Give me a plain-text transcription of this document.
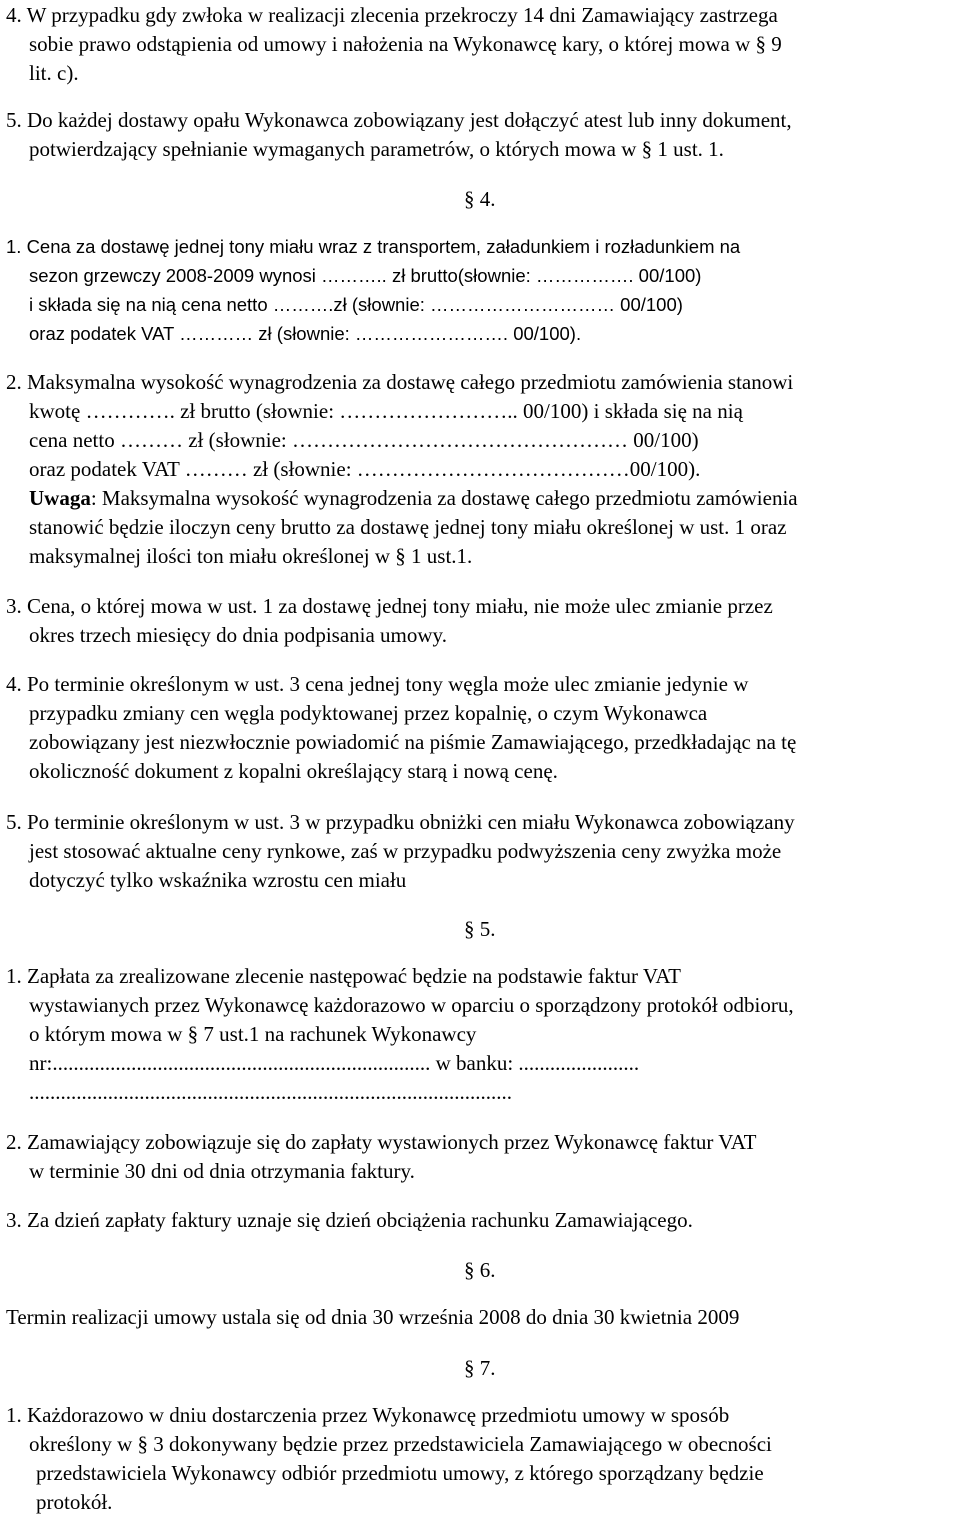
4. W przypadku gdy zwłoka w realizacji zlecenia przekroczy 14 dni Zamawiający zastrzega
sobie prawo odstąpienia od umowy i nałożenia na Wykonawcę kary, o której mowa w § 9
lit. c).
5. Do każdej dostawy opału Wykonawca zobowiązany jest dołączyć atest lub inny dokument,
potwierdzający spełnianie wymaganych parametrów, o których mowa w § 1 ust. 1.
§ 4.
1. Cena za dostawę jednej tony miału wraz z transportem, załadunkiem i rozładunkiem na
sezon grzewczy 2008-2009 wynosi ……….. zł brutto(słownie: ……………. 00/100)
i składa się na nią cena netto ……….zł (słownie: ………………………… 00/100)
oraz podatek VAT ………… zł (słownie: ……………………. 00/100).
2. Maksymalna wysokość wynagrodzenia za dostawę całego przedmiotu zamówienia stanowi
kwotę …………. zł brutto (słownie: …………………….. 00/100) i składa się na nią
cena netto ……… zł (słownie: ………………………………………… 00/100)
oraz podatek VAT ……… zł (słownie: …………………………………00/100).
Uwaga: Maksymalna wysokość wynagrodzenia za dostawę całego przedmiotu zamówienia
stanowić będzie iloczyn ceny brutto za dostawę jednej tony miału określonej w ust. 1 oraz
maksymalnej ilości ton miału określonej w § 1 ust.1.
3. Cena, o której mowa w ust. 1 za dostawę jednej tony miału, nie może ulec zmianie przez
okres trzech miesięcy do dnia podpisania umowy.
4. Po terminie określonym w ust. 3 cena jednej tony węgla może ulec zmianie jedynie w
przypadku zmiany cen węgla podyktowanej przez kopalnię, o czym Wykonawca
zobowiązany jest niezwłocznie powiadomić na piśmie Zamawiającego, przedkładając na tę
okoliczność dokument z kopalni określający starą i nową cenę.
5. Po terminie określonym w ust. 3 w przypadku obniżki cen miału Wykonawca zobowiązany
jest stosować aktualne ceny rynkowe, zaś w przypadku podwyższenia ceny zwyżka może
dotyczyć tylko wskaźnika wzrostu cen miału
§ 5.
1. Zapłata za zrealizowane zlecenie następować będzie na podstawie faktur VAT
wystawianych przez Wykonawcę każdorazowo w oparciu o sporządzony protokół odbioru,
o którym mowa w § 7 ust.1 na rachunek Wykonawcy
nr:........................................................................ w banku: .......................
............................................................................................
2. Zamawiający zobowiązuje się do zapłaty wystawionych przez Wykonawcę faktur VAT
w terminie 30 dni od dnia otrzymania faktury.
3. Za dzień zapłaty faktury uznaje się dzień obciążenia rachunku Zamawiającego.
§ 6.
Termin realizacji umowy ustala się od dnia 30 września 2008 do dnia 30 kwietnia 2009
§ 7.
1. Każdorazowo w dniu dostarczenia przez Wykonawcę przedmiotu umowy w sposób
określony w § 3 dokonywany będzie przez przedstawiciela Zamawiającego w obecności
przedstawiciela Wykonawcy odbiór przedmiotu umowy, z którego sporządzany będzie
protokół.
